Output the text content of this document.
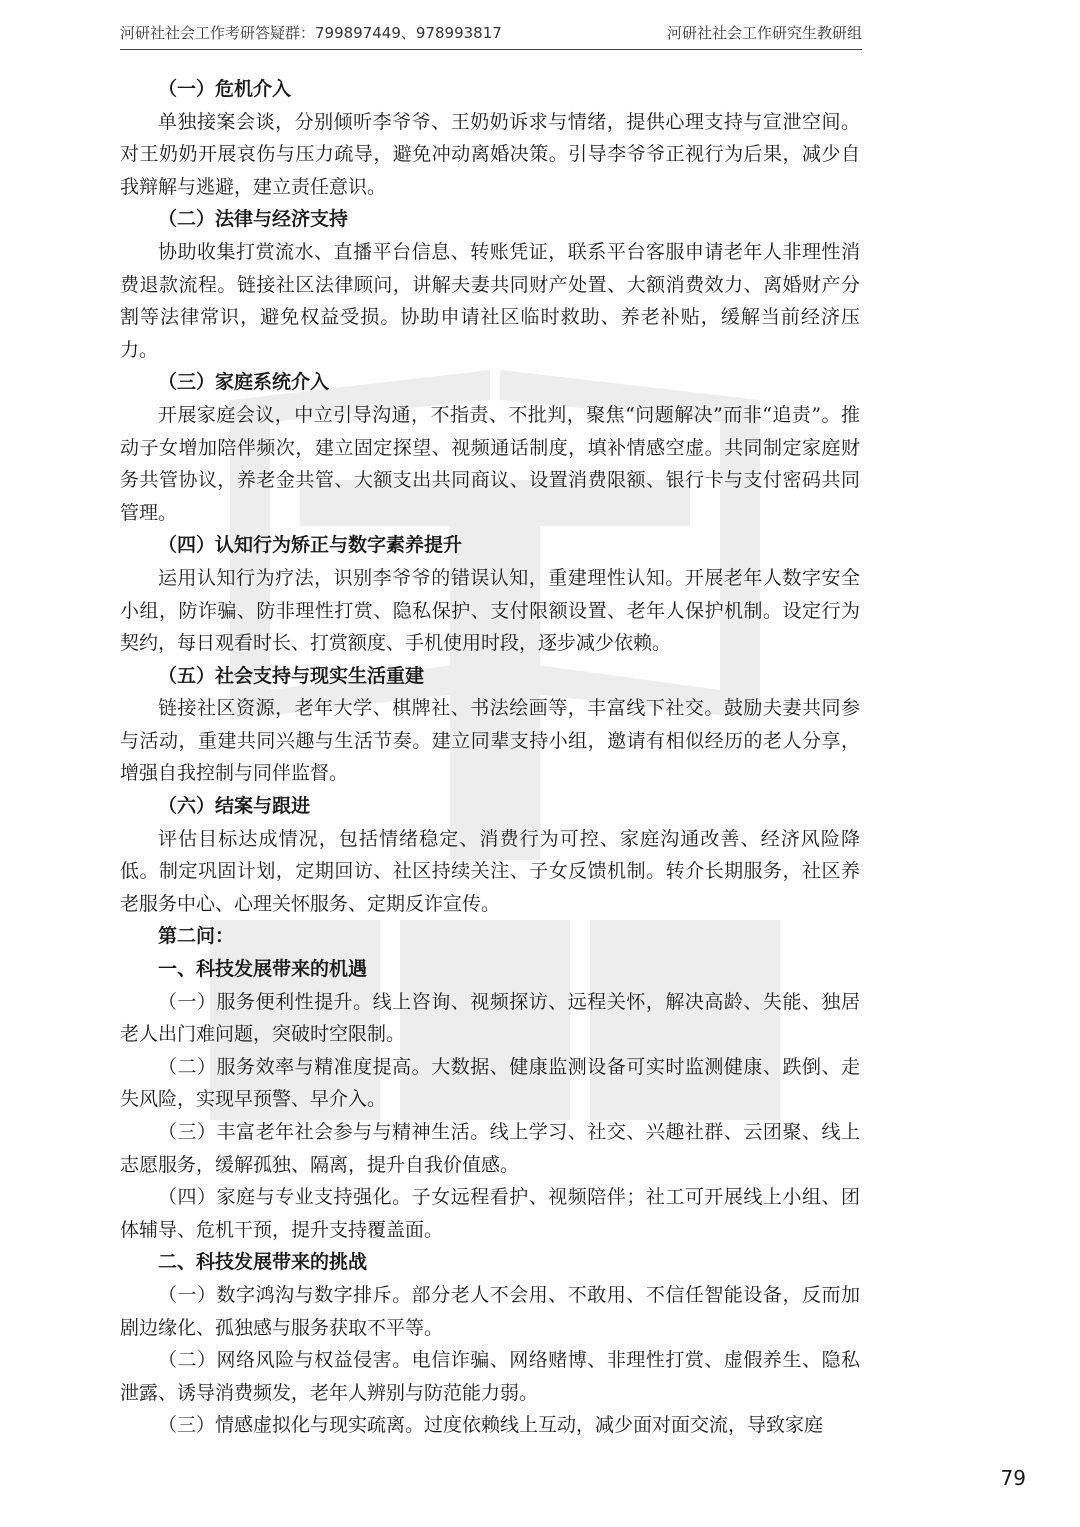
河研社社会工作考研答疑群：799897449、978993817	河研社社会工作研究生教研组

（一）危机介入

单独接案会谈，分别倾听李爷爷、王奶奶诉求与情绪，提供心理支持与宣泄空间。对王奶奶开展哀伤与压力疏导，避免冲动离婚决策。引导李爷爷正视行为后果，减少自我辩解与逃避，建立责任意识。

（二）法律与经济支持

协助收集打赏流水、直播平台信息、转账凭证，联系平台客服申请老年人非理性消费退款流程。链接社区法律顾问，讲解夫妻共同财产处置、大额消费效力、离婚财产分割等法律常识，避免权益受损。协助申请社区临时救助、养老补贴，缓解当前经济压力。

（三）家庭系统介入

开展家庭会议，中立引导沟通，不指责、不批判，聚焦“问题解决”而非“追责”。推动子女增加陪伴频次，建立固定探望、视频通话制度，填补情感空虚。共同制定家庭财务共管协议，养老金共管、大额支出共同商议、设置消费限额、银行卡与支付密码共同管理。

（四）认知行为矫正与数字素养提升

运用认知行为疗法，识别李爷爷的错误认知，重建理性认知。开展老年人数字安全小组，防诈骗、防非理性打赏、隐私保护、支付限额设置、老年人保护机制。设定行为契约，每日观看时长、打赏额度、手机使用时段，逐步减少依赖。

（五）社会支持与现实生活重建

链接社区资源，老年大学、棋牌社、书法绘画等，丰富线下社交。鼓励夫妻共同参与活动，重建共同兴趣与生活节奏。建立同辈支持小组，邀请有相似经历的老人分享，增强自我控制与同伴监督。

（六）结案与跟进

评估目标达成情况，包括情绪稳定、消费行为可控、家庭沟通改善、经济风险降低。制定巩固计划，定期回访、社区持续关注、子女反馈机制。转介长期服务，社区养老服务中心、心理关怀服务、定期反诈宣传。

第二问：

一、科技发展带来的机遇

（一）服务便利性提升。线上咨询、视频探访、远程关怀，解决高龄、失能、独居老人出门难问题，突破时空限制。

（二）服务效率与精准度提高。大数据、健康监测设备可实时监测健康、跌倒、走失风险，实现早预警、早介入。

（三）丰富老年社会参与与精神生活。线上学习、社交、兴趣社群、云团聚、线上志愿服务，缓解孤独、隔离，提升自我价值感。

（四）家庭与专业支持强化。子女远程看护、视频陪伴；社工可开展线上小组、团体辅导、危机干预，提升支持覆盖面。

二、科技发展带来的挑战

（一）数字鸿沟与数字排斥。部分老人不会用、不敢用、不信任智能设备，反而加剧边缘化、孤独感与服务获取不平等。

（二）网络风险与权益侵害。电信诈骗、网络赌博、非理性打赏、虚假养生、隐私泄露、诱导消费频发，老年人辨别与防范能力弱。

（三）情感虚拟化与现实疏离。过度依赖线上互动，减少面对面交流，导致家庭

79
